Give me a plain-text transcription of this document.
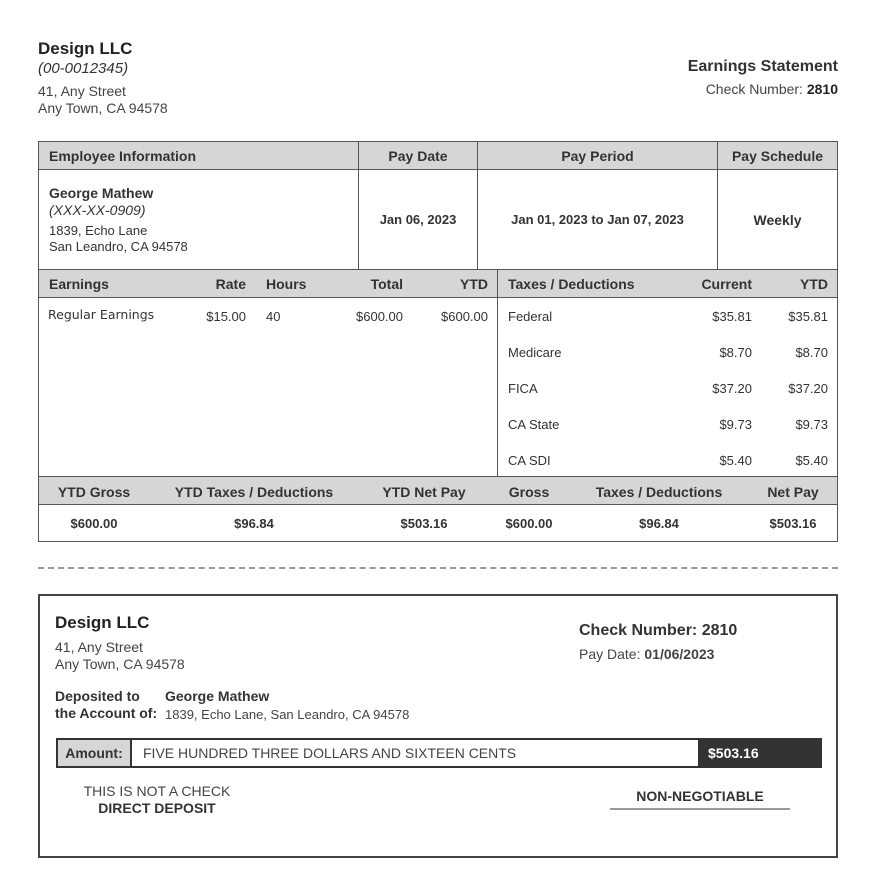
Design LLC
(00-0012345)
41, Any Street
Any Town, CA 94578
Earnings Statement
Check Number: 2810
Employee Information	Pay Date	Pay Period	Pay Schedule
George Mathew
(XXX-XX-0909)
1839, Echo Lane
San Leandro, CA 94578
Jan 06, 2023	Jan 01, 2023 to Jan 07, 2023	Weekly
Earnings	Rate Hours	Total	YTD
Regular Earnings	$15.00 40	$600.00	$600.00
Taxes / Deductions	Current	YTD
Federal	$35.81	$35.81
Medicare	$8.70	$8.70
FICA	$37.20	$37.20
CA State	$9.73	$9.73
CA SDI	$5.40	$5.40
YTD Gross	YTD Taxes / Deductions	YTD Net Pay	Gross	Taxes / Deductions	Net Pay
$600.00	$96.84	$503.16	$600.00	$96.84	$503.16
Design LLC
41, Any Street
Any Town, CA 94578
Check Number: 2810
Pay Date: 01/06/2023
Deposited to
the Account of:
George Mathew
1839, Echo Lane, San Leandro, CA 94578
Amount:	FIVE HUNDRED THREE DOLLARS AND SIXTEEN CENTS	$503.16
THIS IS NOT A CHECK
DIRECT DEPOSIT
NON-NEGOTIABLE
